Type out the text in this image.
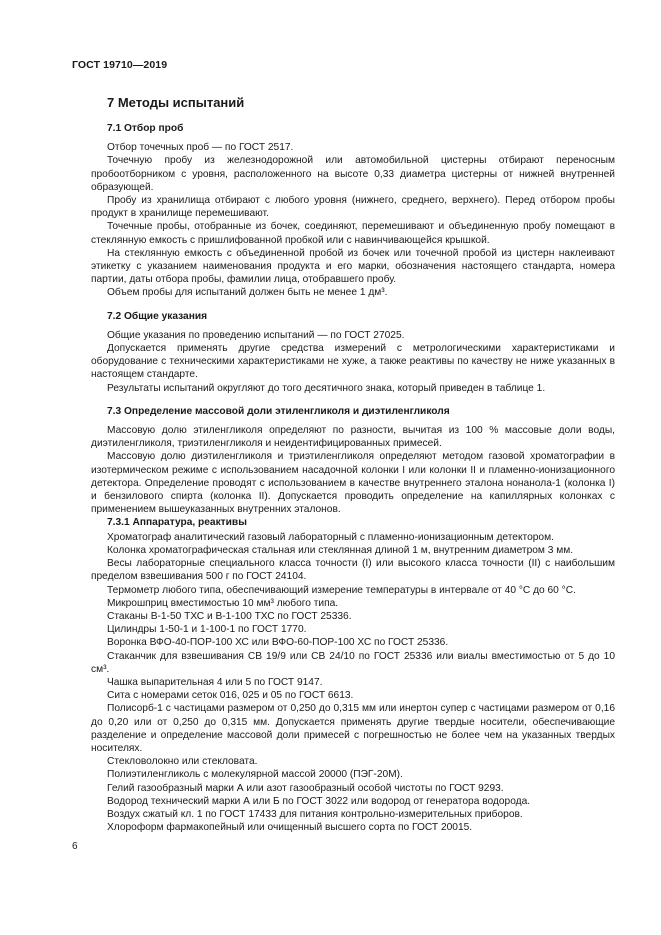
ГОСТ 19710—2019
7 Методы испытаний
7.1 Отбор проб

Отбор точечных проб — по ГОСТ 2517.

Точечную пробу из железнодорожной или автомобильной цистерны отбирают переносным пробоотборником с уровня, расположенного на высоте 0,33 диаметра цистерны от нижней внутренней образующей.

Пробу из хранилища отбирают с любого уровня (нижнего, среднего, верхнего). Перед отбором пробы продукт в хранилище перемешивают.

Точечные пробы, отобранные из бочек, соединяют, перемешивают и объединенную пробу помещают в стеклянную емкость с пришлифованной пробкой или с навинчивающейся крышкой.

На стеклянную емкость с объединенной пробой из бочек или точечной пробой из цистерн наклеивают этикетку с указанием наименования продукта и его марки, обозначения настоящего стандарта, номера партии, даты отбора пробы, фамилии лица, отобравшего пробу.

Объем пробы для испытаний должен быть не менее 1 дм³.

7.2 Общие указания

Общие указания по проведению испытаний — по ГОСТ 27025.

Допускается применять другие средства измерений с метрологическими характеристиками и оборудование с техническими характеристиками не хуже, а также реактивы по качеству не ниже указанных в настоящем стандарте.

Результаты испытаний округляют до того десятичного знака, который приведен в таблице 1.

7.3 Определение массовой доли этиленгликоля и диэтиленгликоля

Массовую долю этиленгликоля определяют по разности, вычитая из 100 % массовые доли воды, диэтиленгликоля, триэтиленгликоля и неидентифицированных примесей.

Массовую долю диэтиленгликоля и триэтиленгликоля определяют методом газовой хроматографии в изотермическом режиме с использованием насадочной колонки I или колонки II и пламенно-ионизационного детектора. Определение проводят с использованием в качестве внутреннего эталона нонанола-1 (колонка I) и бензилового спирта (колонка II). Допускается проводить определение на капиллярных колонках с применением вышеуказанных внутренних эталонов.

7.3.1 Аппаратура, реактивы

Хроматограф аналитический газовый лабораторный с пламенно-ионизационным детектором.

Колонка хроматографическая стальная или стеклянная длиной 1 м, внутренним диаметром 3 мм.

Весы лабораторные специального класса точности (I) или высокого класса точности (II) с наибольшим пределом взвешивания 500 г по ГОСТ 24104.

Термометр любого типа, обеспечивающий измерение температуры в интервале от 40 °С до 60 °С.

Микрошприц вместимостью 10 мм³ любого типа.

Стаканы В-1-50 ТХС и В-1-100 ТХС по ГОСТ 25336.

Цилиндры 1-50-1 и 1-100-1 по ГОСТ 1770.

Воронка ВФО-40-ПОР-100 ХС или ВФО-60-ПОР-100 ХС по ГОСТ 25336.

Стаканчик для взвешивания СВ 19/9 или СВ 24/10 по ГОСТ 25336 или виалы вместимостью от 5 до 10 см³.

Чашка выпарительная 4 или 5 по ГОСТ 9147.

Сита с номерами сеток 016, 025 и 05 по ГОСТ 6613.

Полисорб-1 с частицами размером от 0,250 до 0,315 мм или инертон супер с частицами размером от 0,16 до 0,20 или от 0,250 до 0,315 мм. Допускается применять другие твердые носители, обеспечивающие разделение и определение массовой доли примесей с погрешностью не более чем на указанных твердых носителях.

Стекловолокно или стекловата.

Полиэтиленгликоль с молекулярной массой 20000 (ПЭГ-20М).

Гелий газообразный марки А или азот газообразный особой чистоты по ГОСТ 9293.

Водород технический марки А или Б по ГОСТ 3022 или водород от генератора водорода.

Воздух сжатый кл. 1 по ГОСТ 17433 для питания контрольно-измерительных приборов.

Хлороформ фармакопейный или очищенный высшего сорта по ГОСТ 20015.

6
